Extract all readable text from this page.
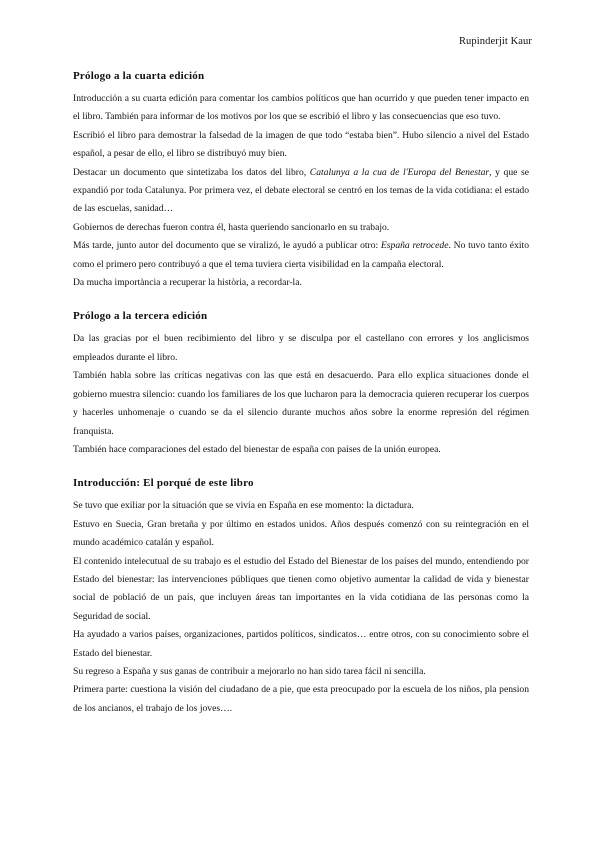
Rupinderjit Kaur
Prólogo a la cuarta edición

Introducción a su cuarta edición para comentar los cambios políticos que han ocurrido y que pueden tener impacto en el libro. También para informar de los motivos por los que se escribió el libro y las consecuencias que eso tuvo.

Escribió el libro para demostrar la falsedad de la imagen de que todo “estaba bien”. Hubo silencio a nivel del Estado español, a pesar de ello, el libro se distribuyó muy bien.

Destacar un documento que sintetizaba los datos del libro, Catalunya a la cua de l'Europa del Benestar, y que se expandió por toda Catalunya. Por primera vez, el debate electoral se centró en los temas de la vida cotidiana: el estado de las escuelas, sanidad…

Gobiernos de derechas fueron contra él, hasta queriendo sancionarlo en su trabajo.

Más tarde, junto autor del documento que se viralizó, le ayudó a publicar otro: España retrocede. No tuvo tanto éxito como el primero pero contribuyó a que el tema tuviera cierta visibilidad en la campaña electoral.

Da mucha importància a recuperar la història, a recordar-la.

Prólogo a la tercera edición

Da las gracias por el buen recibimiento del libro y se disculpa por el castellano con errores y los anglicismos empleados durante el libro.

También habla sobre las críticas negativas con las que está en desacuerdo. Para ello explica situaciones donde el gobierno muestra silencio: cuando los familiares de los que lucharon para la democracia quieren recuperar los cuerpos y hacerles unhomenaje o cuando se da el silencio durante muchos años sobre la enorme represión del régimen franquista.

También hace comparaciones del estado del bienestar de españa con países de la unión europea.

Introducción: El porqué de este libro

Se tuvo que exiliar por la situación que se vivía en España en ese momento: la dictadura.

Estuvo en Suecia, Gran bretaña y por último en estados unidos. Años después comenzó con su reintegración en el mundo académico catalán y español.

El contenido intelecutual de su trabajo es el estudio del Estado del Bienestar de los países del mundo, entendiendo por Estado del bienestar: las intervenciones públiques que tienen como objetivo aumentar la calidad de vida y bienestar social de població de un país, que incluyen áreas tan importantes en la vida cotidiana de las personas como la Seguridad de social.

Ha ayudado a varios países, organizaciones, partidos políticos, sindicatos… entre otros, con su conocimiento sobre el Estado del bienestar.

Su regreso a España y sus ganas de contribuir a mejorarlo no han sido tarea fácil ni sencilla.

Primera parte: cuestiona la visión del ciudadano de a pie, que esta preocupado por la escuela de los niños, pla pension de los ancianos, el trabajo de los joves….
